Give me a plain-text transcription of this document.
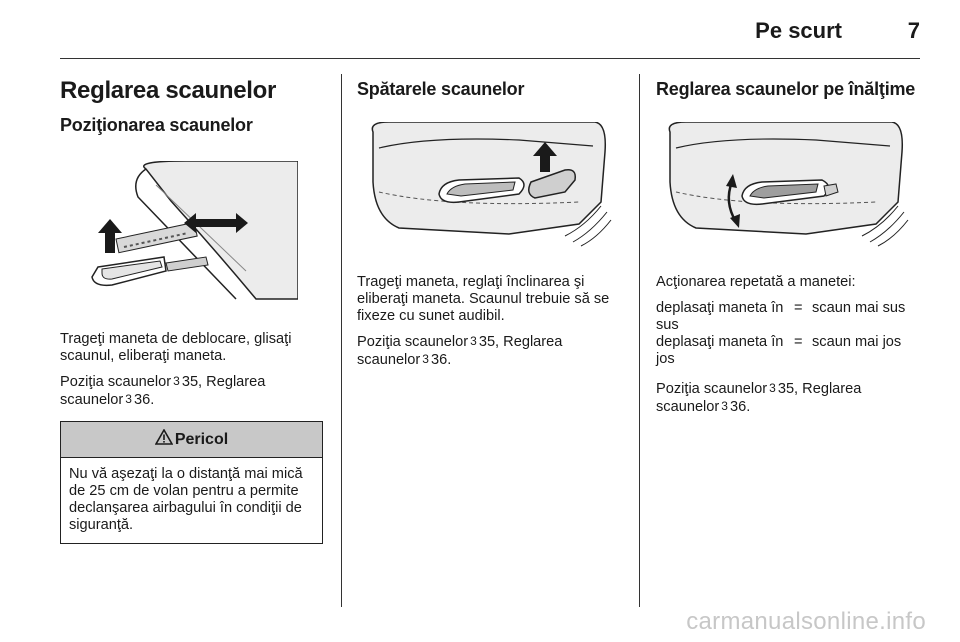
Pe scurt	7
Reglarea scaunelor
Poziţionarea scaunelor

Trageţi maneta de deblocare, glisaţi scaunul, eliberaţi maneta.

Poziţia scaunelor 3 35, Reglarea scaunelor 3 36.

Pericol
Nu vă aşezaţi la o distanţă mai mică de 25 cm de volan pentru a permite declanşarea airbagului în condiţii de siguranţă.
Spătarele scaunelor

Trageţi maneta, reglaţi înclinarea şi eliberaţi maneta. Scaunul trebuie să se fixeze cu sunet audibil.

Poziţia scaunelor 3 35, Reglarea scaunelor 3 36.

Reglarea scaunelor pe înălţime

Acţionarea repetată a manetei:

deplasaţi maneta în sus
= scaun mai sus
deplasaţi maneta în jos
= scaun mai jos

Poziţia scaunelor 3 35, Reglarea scaunelor 3 36.

carmanualsonline.info
